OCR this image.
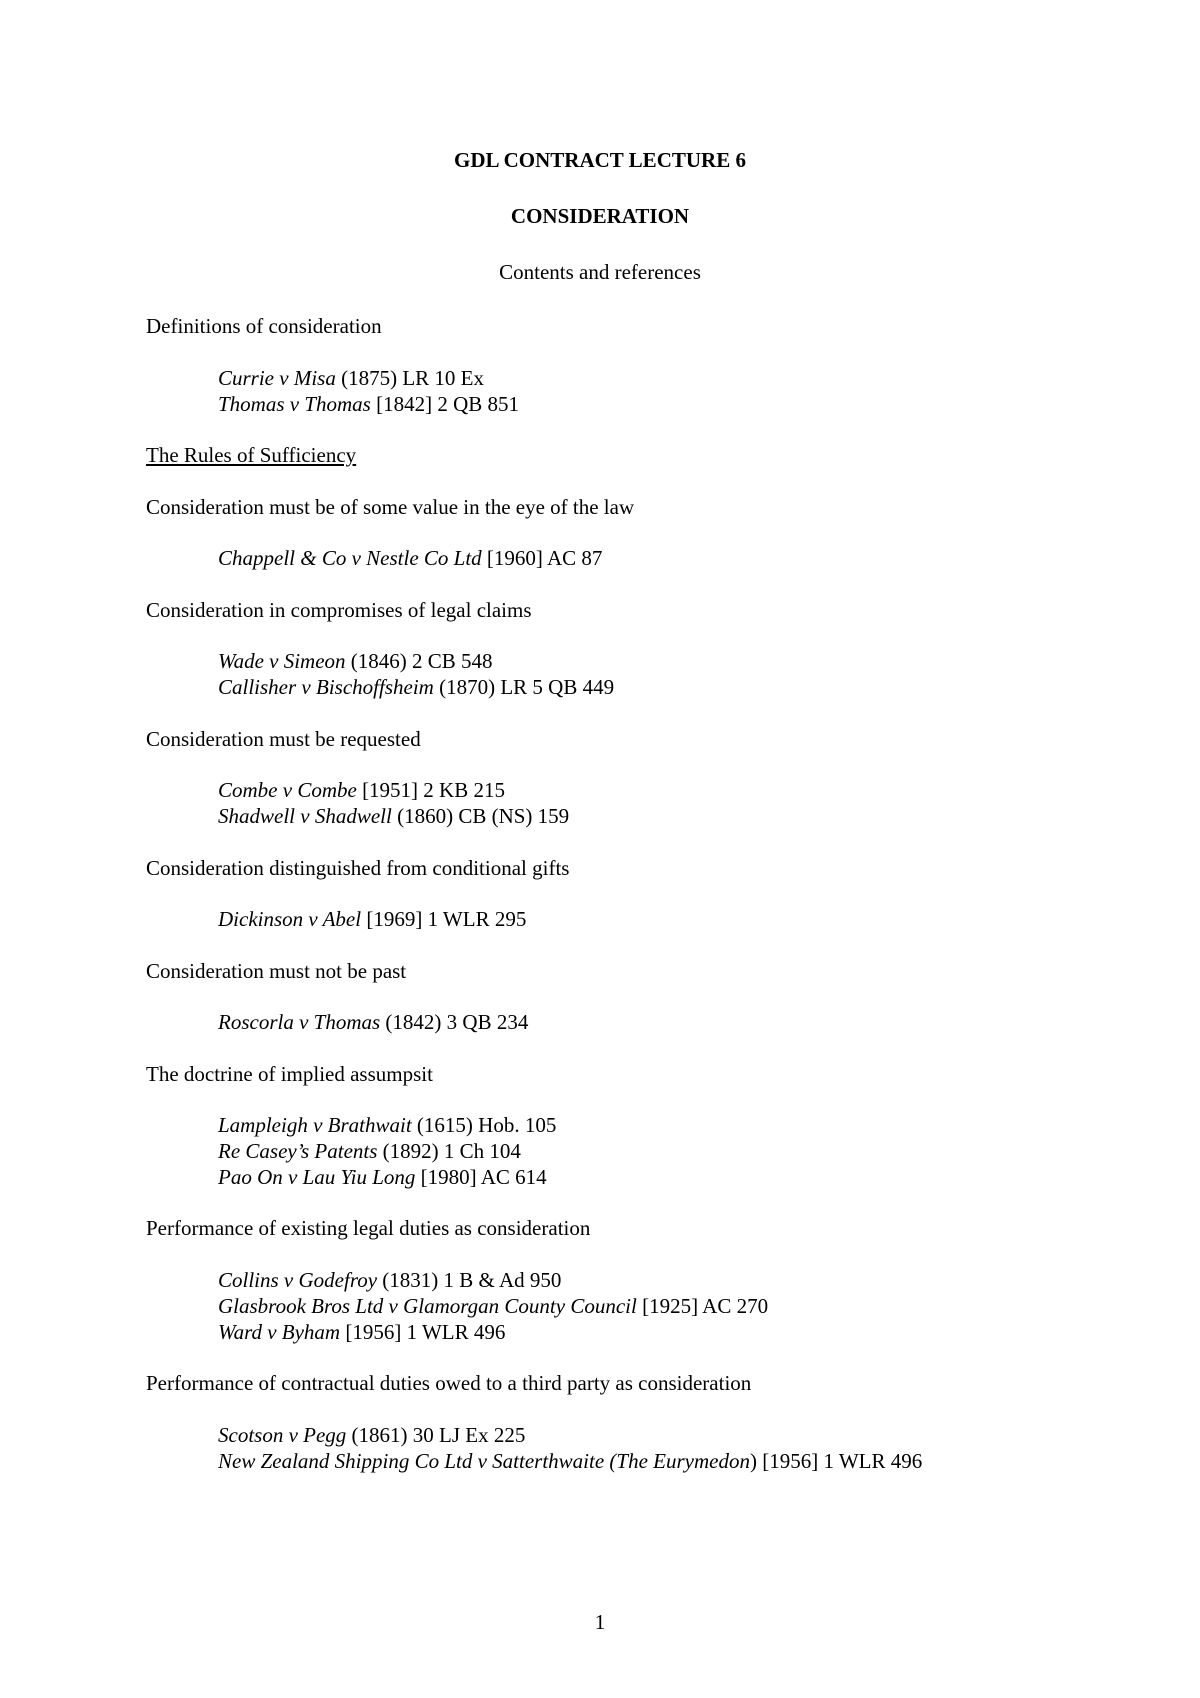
GDL CONTRACT LECTURE 6
CONSIDERATION
Contents and references
Definitions of consideration
Currie v Misa (1875) LR 10 Ex
Thomas v Thomas [1842] 2 QB 851
The Rules of Sufficiency
Consideration must be of some value in the eye of the law
Chappell & Co v Nestle Co Ltd [1960] AC 87
Consideration in compromises of legal claims
Wade v Simeon (1846) 2 CB 548
Callisher v Bischoffsheim (1870) LR 5 QB 449
Consideration must be requested
Combe v Combe [1951] 2 KB 215
Shadwell v Shadwell (1860) CB (NS) 159
Consideration distinguished from conditional gifts
Dickinson v Abel [1969] 1 WLR 295
Consideration must not be past
Roscorla v Thomas (1842) 3 QB 234
The doctrine of implied assumpsit
Lampleigh v Brathwait (1615) Hob. 105
Re Casey’s Patents (1892) 1 Ch 104
Pao On v Lau Yiu Long [1980] AC 614
Performance of existing legal duties as consideration
Collins v Godefroy (1831) 1 B & Ad 950
Glasbrook Bros Ltd v Glamorgan County Council [1925] AC 270
Ward v Byham [1956] 1 WLR 496
Performance of contractual duties owed to a third party as consideration
Scotson v Pegg (1861) 30 LJ Ex 225
New Zealand Shipping Co Ltd v Satterthwaite (The Eurymedon) [1956] 1 WLR 496
1
